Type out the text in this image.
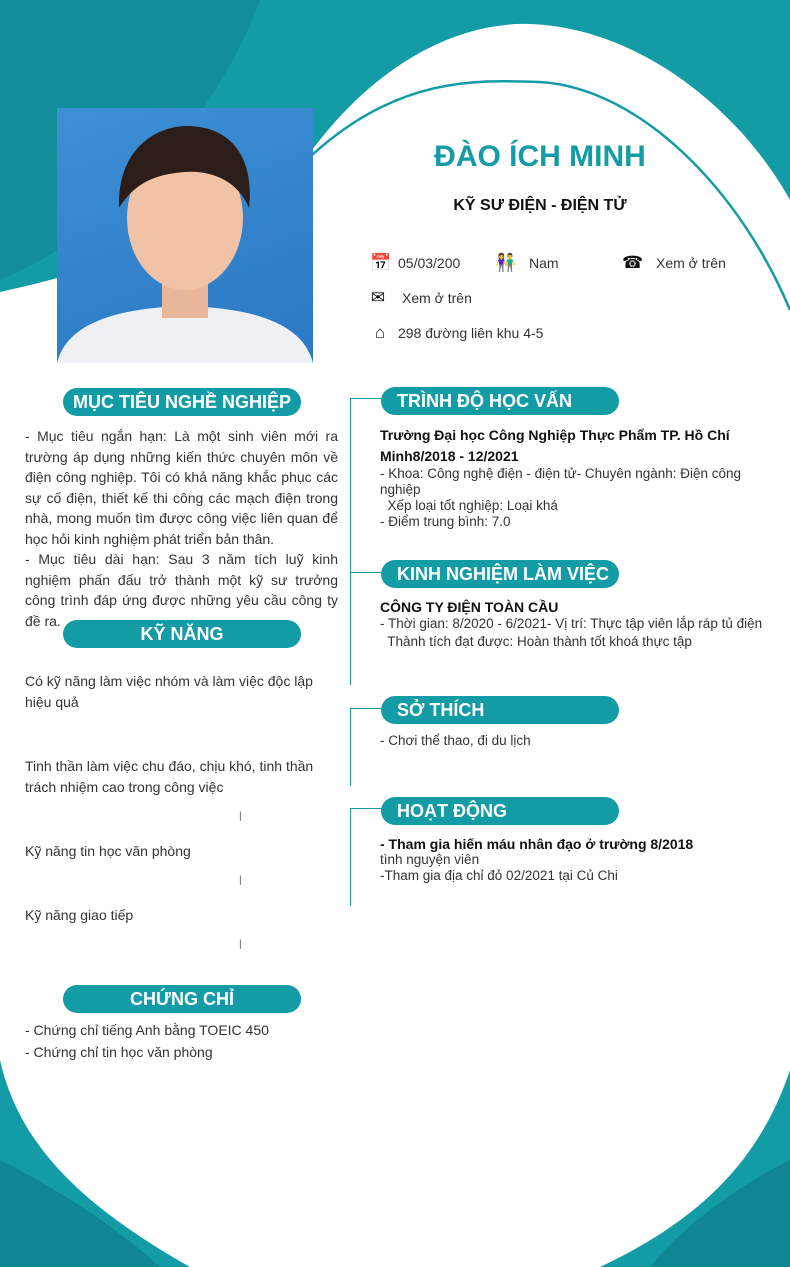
ĐÀO ÍCH MINH
KỸ SƯ ĐIỆN - ĐIỆN TỬ
📅 05/03/200 👫 Nam	☎ Xem ở trên
✉ Xem ở trên
⌂ 298 đường liên khu 4-5
MỤC TIÊU NGHỀ NGHIỆP
- Mục tiêu ngắn hạn: Là một sinh viên mới ra trường áp dụng những kiến thức chuyên môn về điện công nghiệp. Tôi có khả năng khắc phục các sự cố điện, thiết kế thi công các mạch điện trong nhà, mong muốn tìm được công việc liên quan để học hỏi kinh nghiệm phát triển bản thân.
- Mục tiêu dài hạn: Sau 3 năm tích luỹ kinh nghiệm phấn đấu trở thành một kỹ sư trưởng công trình đáp ứng được những yêu cầu công ty đề ra.
KỸ NĂNG
Có kỹ năng làm việc nhóm và làm việc độc lập hiệu quả
Tinh thần làm việc chu đáo, chịu khó, tinh thần trách nhiệm cao trong công việc
|
Kỹ năng tin học văn phòng
|
Kỹ năng giao tiếp
|
CHỨNG CHỈ
- Chứng chỉ tiếng Anh bằng TOEIC 450
- Chứng chỉ tin học văn phòng
TRÌNH ĐỘ HỌC VẤN
Trường Đại học Công Nghiệp Thực Phẩm TP. Hồ Chí Minh8/2018 - 12/2021
- Khoa: Công nghệ điện - điện tử- Chuyên ngành: Điện công nghiệp
Xếp loại tốt nghiệp: Loại khá
- Điểm trung bình: 7.0
KINH NGHIỆM LÀM VIỆC
CÔNG TY ĐIỆN TOÀN CẦU
- Thời gian: 8/2020 - 6/2021- Vị trí: Thực tập viên lắp ráp tủ điện
Thành tích đạt được: Hoàn thành tốt khoá thực tập
SỞ THÍCH
- Chơi thể thao, đi du lịch
HOẠT ĐỘNG
- Tham gia hiến máu nhân đạo ở trường 8/2018
tình nguyện viên
-Tham gia địa chỉ đỏ 02/2021 tại Củ Chi
